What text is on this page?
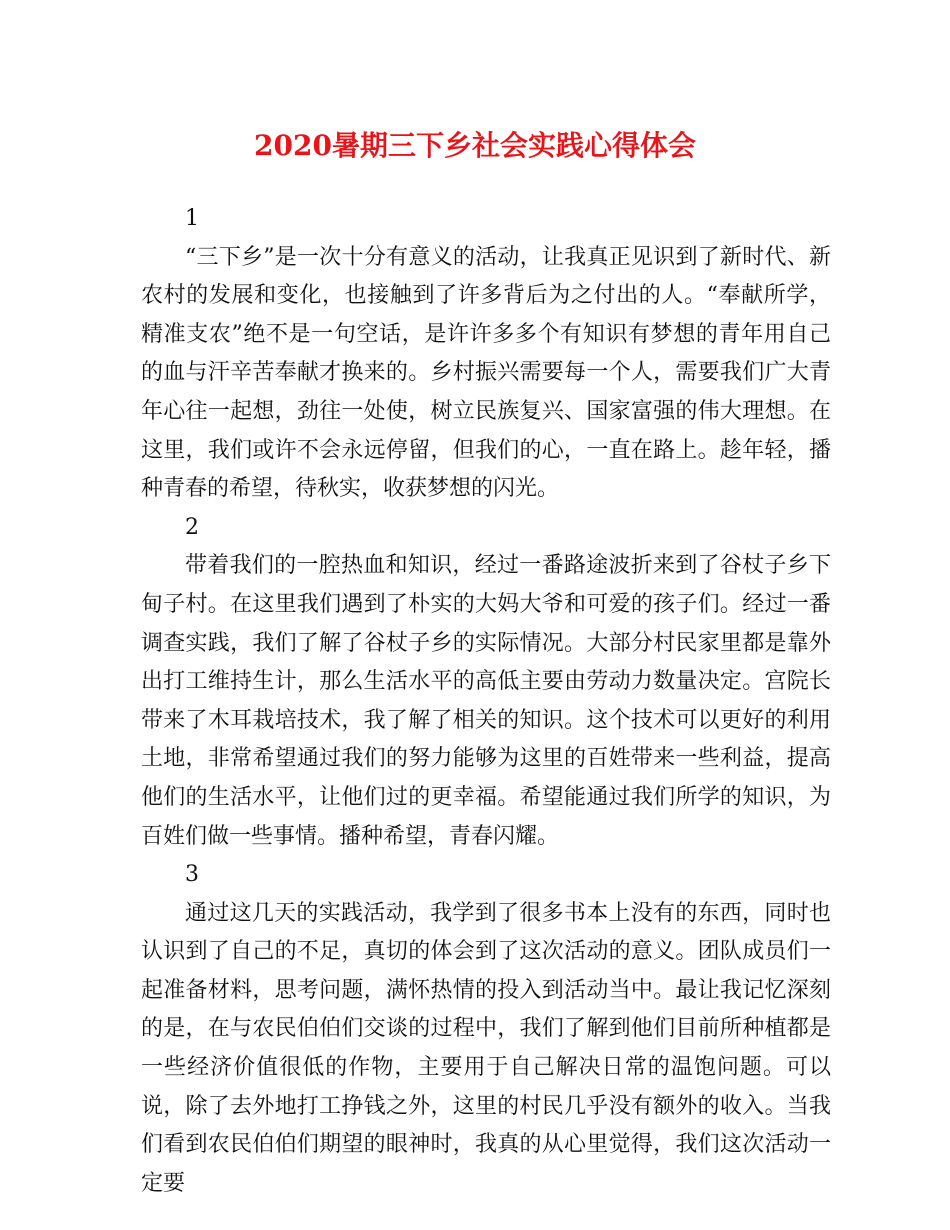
2020暑期三下乡社会实践心得体会

1

“三下乡”是一次十分有意义的活动，让我真正见识到了新时代、新农村的发展和变化，也接触到了许多背后为之付出的人。“奉献所学，精准支农”绝不是一句空话，是许许多多个有知识有梦想的青年用自己的血与汗辛苦奉献才换来的。乡村振兴需要每一个人，需要我们广大青年心往一起想，劲往一处使，树立民族复兴、国家富强的伟大理想。在这里，我们或许不会永远停留，但我们的心，一直在路上。趁年轻，播种青春的希望，待秋实，收获梦想的闪光。

2

带着我们的一腔热血和知识，经过一番路途波折来到了谷杖子乡下甸子村。在这里我们遇到了朴实的大妈大爷和可爱的孩子们。经过一番调查实践，我们了解了谷杖子乡的实际情况。大部分村民家里都是靠外出打工维持生计，那么生活水平的高低主要由劳动力数量决定。宫院长带来了木耳栽培技术，我了解了相关的知识。这个技术可以更好的利用土地，非常希望通过我们的努力能够为这里的百姓带来一些利益，提高他们的生活水平，让他们过的更幸福。希望能通过我们所学的知识，为百姓们做一些事情。播种希望，青春闪耀。

3

通过这几天的实践活动，我学到了很多书本上没有的东西，同时也认识到了自己的不足，真切的体会到了这次活动的意义。团队成员们一起准备材料，思考问题，满怀热情的投入到活动当中。最让我记忆深刻的是，在与农民伯伯们交谈的过程中，我们了解到他们目前所种植都是一些经济价值很低的作物，主要用于自己解决日常的温饱问题。可以说，除了去外地打工挣钱之外，这里的村民几乎没有额外的收入。当我们看到农民伯伯们期望的眼神时，我真的从心里觉得，我们这次活动一定要
